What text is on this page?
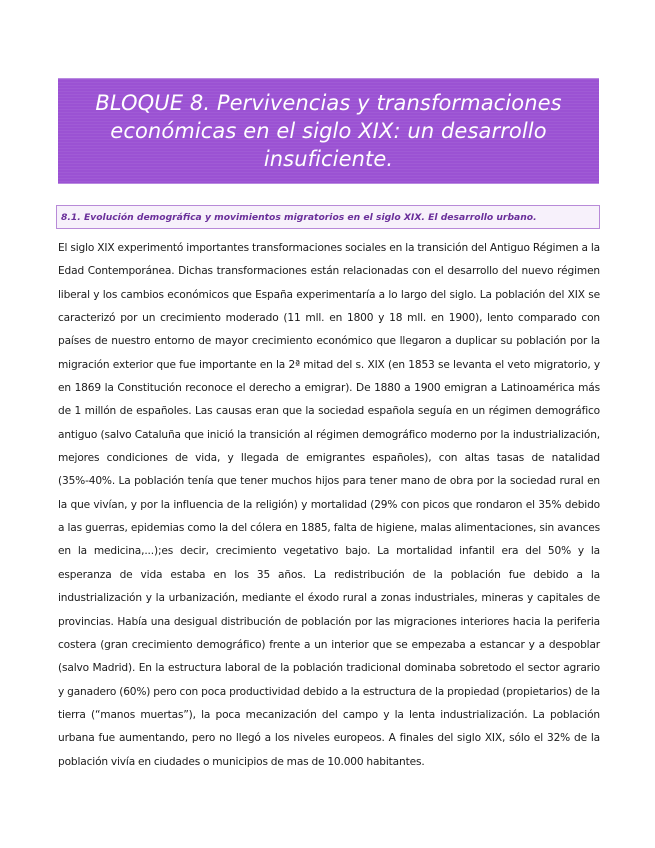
BLOQUE 8. Pervivencias y transformaciones económicas en el siglo XIX: un desarrollo insuficiente.
8.1. Evolución demográfica y movimientos migratorios en el siglo XIX. El desarrollo urbano.

El siglo XIX experimentó importantes transformaciones sociales en la transición del Antiguo Régimen a la Edad Contemporánea. Dichas transformaciones están relacionadas con el desarrollo del nuevo régimen liberal y los cambios económicos que España experimentaría a lo largo del siglo. La población del XIX se caracterizó por un crecimiento moderado (11 mll. en 1800 y 18 mll. en 1900), lento comparado con países de nuestro entorno de mayor crecimiento económico que llegaron a duplicar su población por la migración exterior que fue importante en la 2ª mitad del s. XIX (en 1853 se levanta el veto migratorio, y en 1869 la Constitución reconoce el derecho a emigrar). De 1880 a 1900 emigran a Latinoamérica más de 1 millón de españoles. Las causas eran que la sociedad española seguía en un régimen demográfico antiguo (salvo Cataluña que inició la transición al régimen demográfico moderno por la industrialización, mejores condiciones de vida, y llegada de emigrantes españoles), con altas tasas de natalidad (35%-40%. La población tenía que tener muchos hijos para tener mano de obra por la sociedad rural en la que vivían, y por la influencia de la religión) y mortalidad (29% con picos que rondaron el 35% debido a las guerras, epidemias como la del cólera en 1885, falta de higiene, malas alimentaciones, sin avances en la medicina,...);es decir, crecimiento vegetativo bajo. La mortalidad infantil era del 50% y la esperanza de vida estaba en los 35 años. La redistribución de la población fue debido a la industrialización y la urbanización, mediante el éxodo rural a zonas industriales, mineras y capitales de provincias. Había una desigual distribución de población por las migraciones interiores hacia la periferia costera (gran crecimiento demográfico) frente a un interior que se empezaba a estancar y a despoblar (salvo Madrid). En la estructura laboral de la población tradicional dominaba sobretodo el sector agrario y ganadero (60%) pero con poca productividad debido a la estructura de la propiedad (propietarios) de la tierra (“manos muertas”), la poca mecanización del campo y la lenta industrialización. La población urbana fue aumentando, pero no llegó a los niveles europeos. A finales del siglo XIX, sólo el 32% de la población vivía en ciudades o municipios de mas de 10.000 habitantes.
